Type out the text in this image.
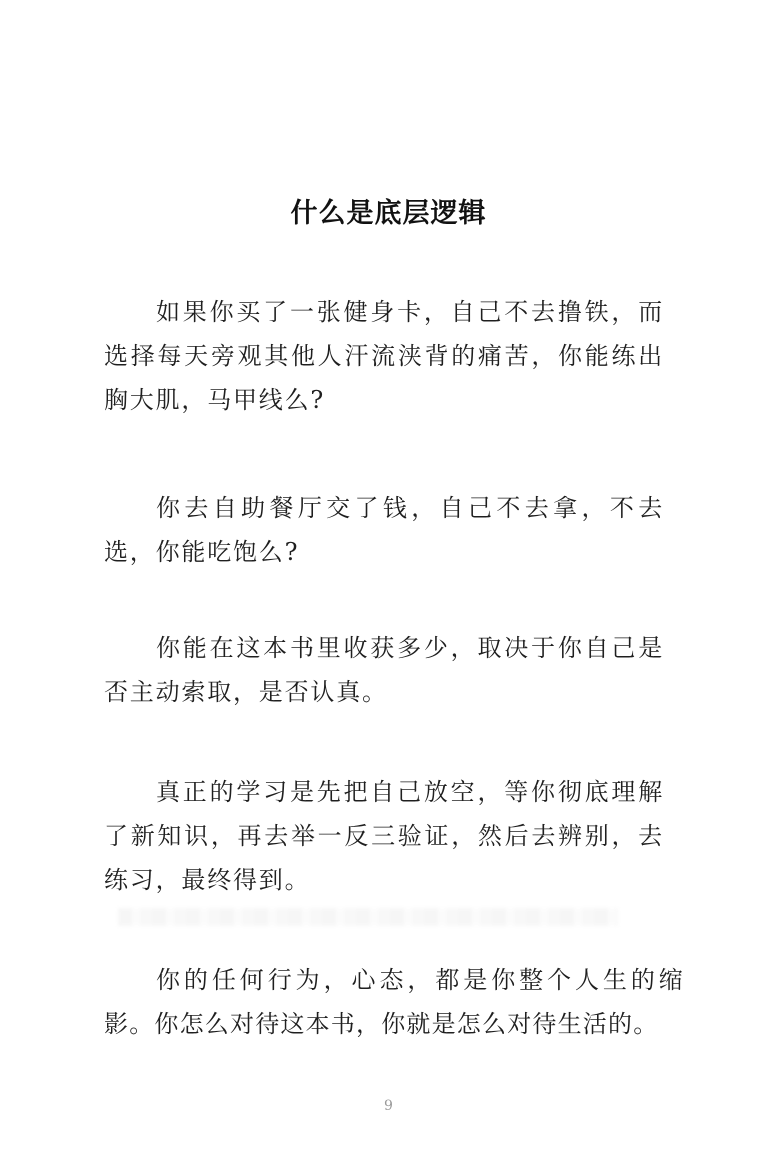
什么是底层逻辑

如果你买了一张健身卡，自己不去撸铁，而选择每天旁观其他人汗流浃背的痛苦，你能练出胸大肌，马甲线么?

你去自助餐厅交了钱，自己不去拿，不去选，你能吃饱么?

你能在这本书里收获多少，取决于你自己是否主动索取，是否认真。

真正的学习是先把自己放空，等你彻底理解了新知识，再去举一反三验证，然后去辨别，去练习，最终得到。

你的任何行为，心态，都是你整个人生的缩影。你怎么对待这本书，你就是怎么对待生活的。

9
